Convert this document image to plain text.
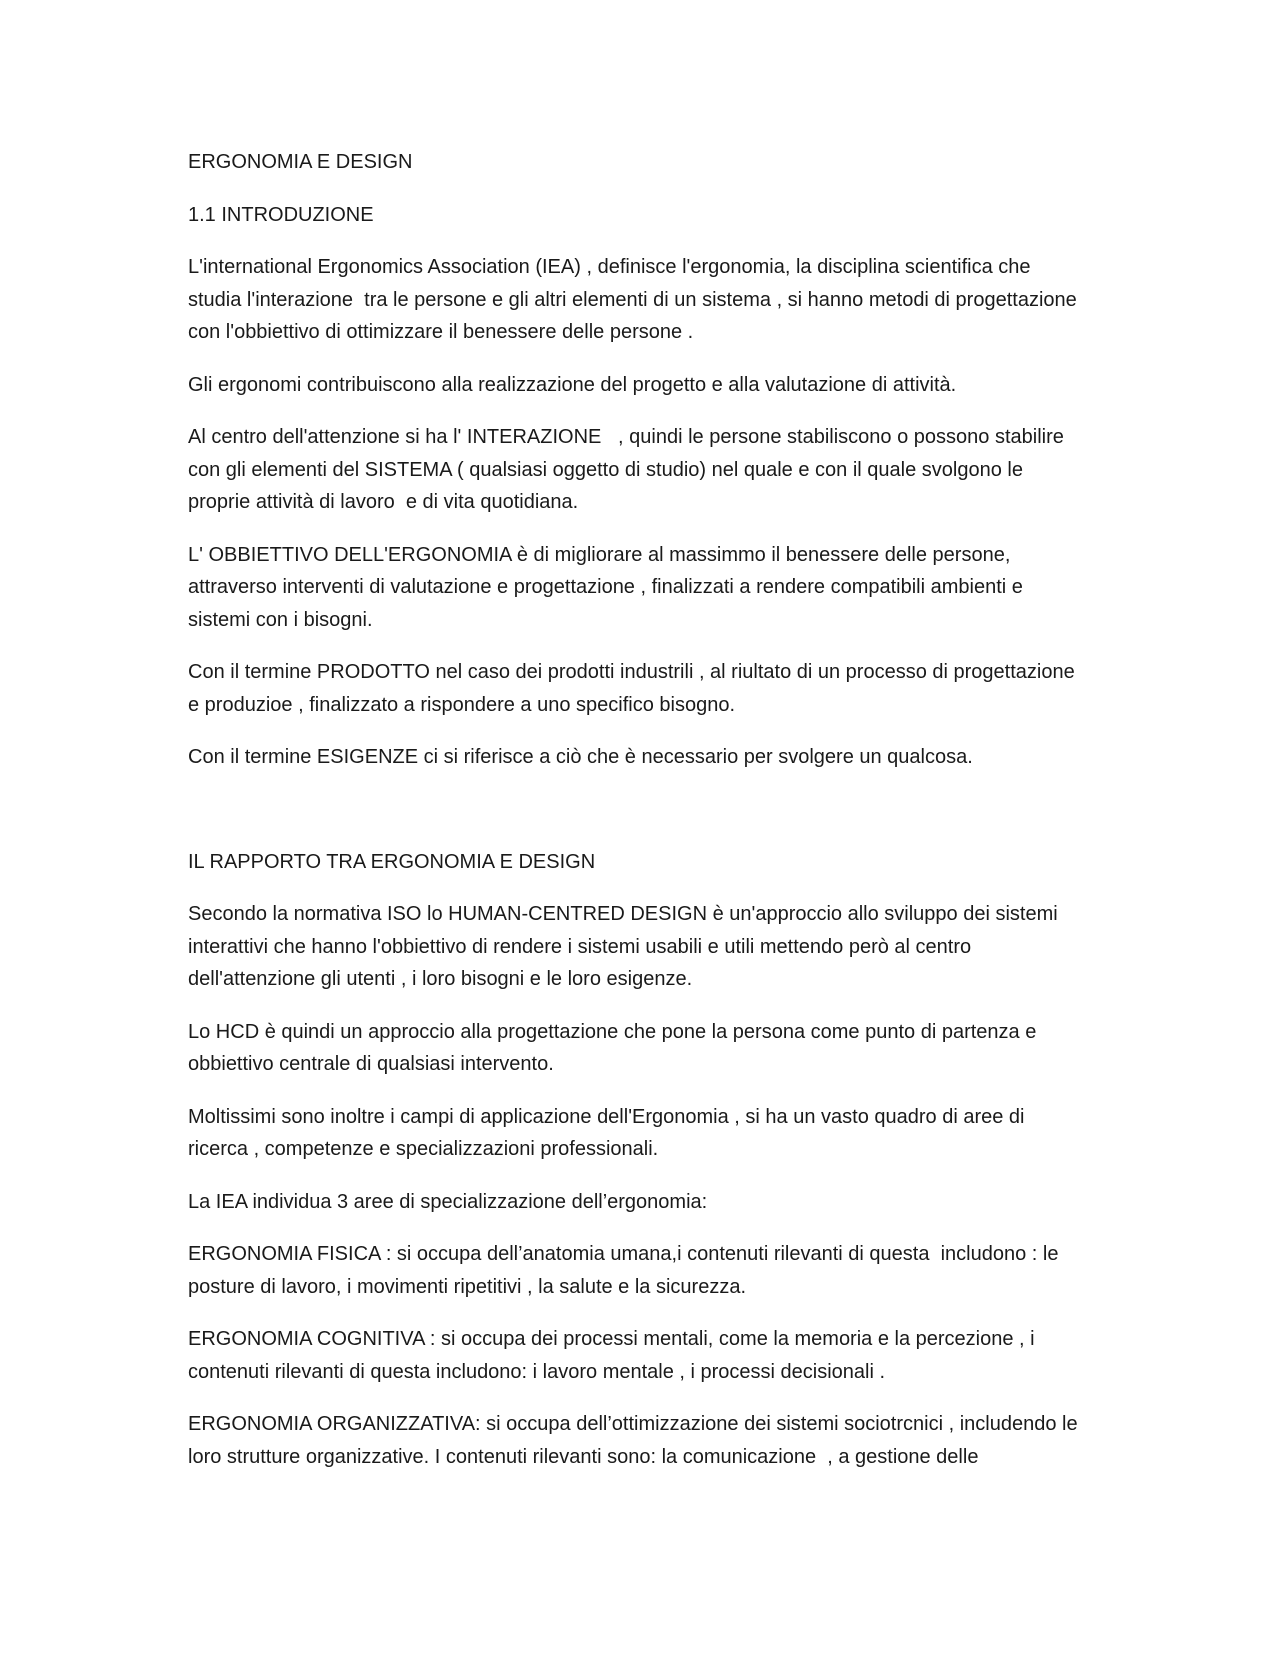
ERGONOMIA E DESIGN

1.1 INTRODUZIONE

L'international Ergonomics Association (IEA) , definisce l'ergonomia, la disciplina scientifica che studia l'interazione  tra le persone e gli altri elementi di un sistema , si hanno metodi di progettazione con l'obbiettivo di ottimizzare il benessere delle persone .

Gli ergonomi contribuiscono alla realizzazione del progetto e alla valutazione di attività.

Al centro dell'attenzione si ha l' INTERAZIONE   , quindi le persone stabiliscono o possono stabilire con gli elementi del SISTEMA ( qualsiasi oggetto di studio) nel quale e con il quale svolgono le proprie attività di lavoro  e di vita quotidiana.

L' OBBIETTIVO DELL'ERGONOMIA è di migliorare al massimmo il benessere delle persone, attraverso interventi di valutazione e progettazione , finalizzati a rendere compatibili ambienti e sistemi con i bisogni.

Con il termine PRODOTTO nel caso dei prodotti industrili , al riultato di un processo di progettazione e produzioe , finalizzato a rispondere a uno specifico bisogno.

Con il termine ESIGENZE ci si riferisce a ciò che è necessario per svolgere un qualcosa.

IL RAPPORTO TRA ERGONOMIA E DESIGN

Secondo la normativa ISO lo HUMAN-CENTRED DESIGN è un'approccio allo sviluppo dei sistemi interattivi che hanno l'obbiettivo di rendere i sistemi usabili e utili mettendo però al centro dell'attenzione gli utenti , i loro bisogni e le loro esigenze.

Lo HCD è quindi un approccio alla progettazione che pone la persona come punto di partenza e obbiettivo centrale di qualsiasi intervento.

Moltissimi sono inoltre i campi di applicazione dell'Ergonomia , si ha un vasto quadro di aree di ricerca , competenze e specializzazioni professionali.

La IEA individua 3 aree di specializzazione dell’ergonomia:

ERGONOMIA FISICA : si occupa dell’anatomia umana,i contenuti rilevanti di questa  includono : le posture di lavoro, i movimenti ripetitivi , la salute e la sicurezza.

ERGONOMIA COGNITIVA : si occupa dei processi mentali, come la memoria e la percezione , i contenuti rilevanti di questa includono: i lavoro mentale , i processi decisionali .

ERGONOMIA ORGANIZZATIVA: si occupa dell’ottimizzazione dei sistemi sociotrcnici , includendo le loro strutture organizzative. I contenuti rilevanti sono: la comunicazione  , a gestione delle
